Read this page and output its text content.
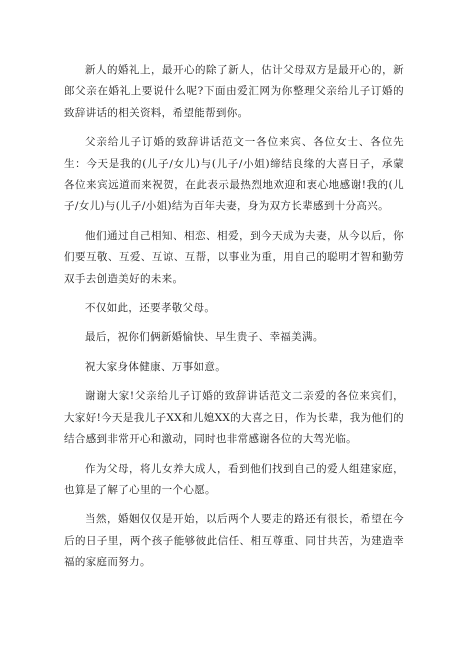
新人的婚礼上，最开心的除了新人，估计父母双方是最开心的，新郎父亲在婚礼上要说什么呢?下面由爱汇网为你整理父亲给儿子订婚的致辞讲话的相关资料，希望能帮到你。

父亲给儿子订婚的致辞讲话范文一各位来宾、各位女士、各位先生：今天是我的(儿子/女儿)与(儿子/小姐)缔结良缘的大喜日子，承蒙各位来宾远道而来祝贺，在此表示最热烈地欢迎和衷心地感谢!我的(儿子/女儿)与(儿子/小姐)结为百年夫妻，身为双方长辈感到十分高兴。

他们通过自己相知、相恋、相爱，到今天成为夫妻，从今以后，你们要互敬、互爱、互谅、互帮，以事业为重，用自己的聪明才智和勤劳双手去创造美好的未来。

不仅如此，还要孝敬父母。

最后，祝你们俩新婚愉快、早生贵子、幸福美满。

祝大家身体健康、万事如意。

谢谢大家!父亲给儿子订婚的致辞讲话范文二亲爱的各位来宾们，大家好!今天是我儿子XX和儿媳XX的大喜之日，作为长辈，我为他们的结合感到非常开心和激动，同时也非常感谢各位的大驾光临。

作为父母，将儿女养大成人，看到他们找到自己的爱人组建家庭，也算是了解了心里的一个心愿。

当然，婚姻仅仅是开始，以后两个人要走的路还有很长，希望在今后的日子里，两个孩子能够彼此信任、相互尊重、同甘共苦，为建造幸福的家庭而努力。
